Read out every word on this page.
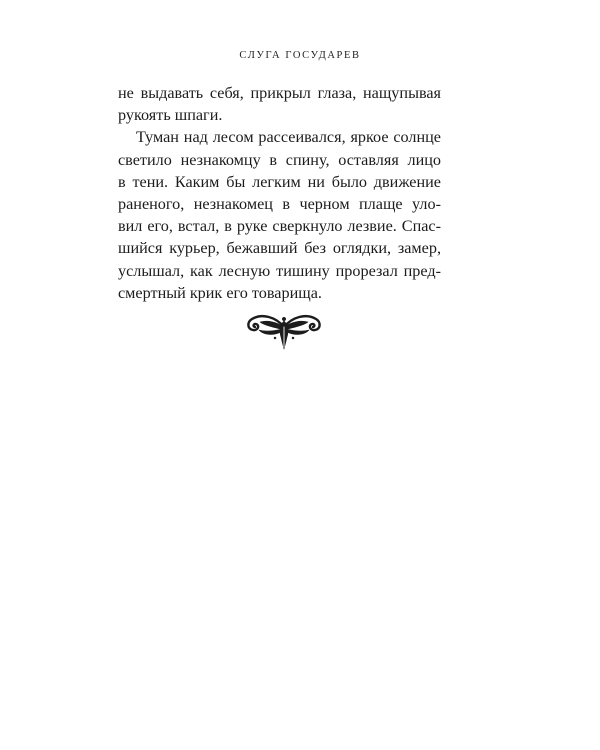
СЛУГА ГОСУДАРЕВ

не выдавать себя, прикрыл глаза, нащупывая
рукоять шпаги.

Туман над лесом рассеивался, яркое солнце
светило незнакомцу в спину, оставляя лицо
в тени. Каким бы легким ни было движение
раненого, незнакомец в черном плаще уло-
вил его, встал, в руке сверкнуло лезвие. Спас-
шийся курьер, бежавший без оглядки, замер,
услышал, как лесную тишину прорезал пред-
смертный крик его товарища.
